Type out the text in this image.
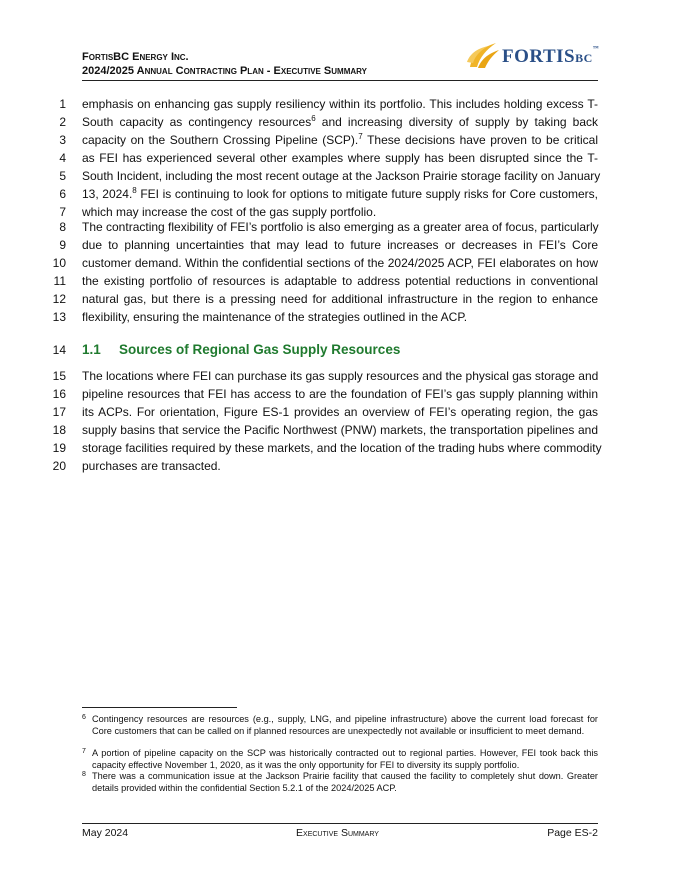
FortisBC Energy Inc.
2024/2025 Annual Contracting Plan - Executive Summary
FORTISBC™
1 emphasis on enhancing gas supply resiliency within its portfolio. This includes holding excess T-
2 South capacity as contingency resources$^6$ and increasing diversity of supply by taking back
3 capacity on the Southern Crossing Pipeline (SCP).$^7$ These decisions have proven to be critical
4 as FEI has experienced several other examples where supply has been disrupted since the T-
5 South Incident, including the most recent outage at the Jackson Prairie storage facility on January
6 13, 2024.$^8$ FEI is continuing to look for options to mitigate future supply risks for Core customers,
7 which may increase the cost of the gas supply portfolio.
8 The contracting flexibility of FEI’s portfolio is also emerging as a greater area of focus, particularly
9 due to planning uncertainties that may lead to future increases or decreases in FEI’s Core
10 customer demand. Within the confidential sections of the 2024/2025 ACP, FEI elaborates on how
11 the existing portfolio of resources is adaptable to address potential reductions in conventional
12 natural gas, but there is a pressing need for additional infrastructure in the region to enhance
13 flexibility, ensuring the maintenance of the strategies outlined in the ACP.
15 The locations where FEI can purchase its gas supply resources and the physical gas storage and
16 pipeline resources that FEI has access to are the foundation of FEI’s gas supply planning within
17 its ACPs. For orientation, Figure ES-1 provides an overview of FEI’s operating region, the gas
18 supply basins that service the Pacific Northwest (PNW) markets, the transportation pipelines and
19 storage facilities required by these markets, and the location of the trading hubs where commodity
20 purchases are transacted.
14 1.1 Sources of Regional Gas Supply Resources
6 Contingency resources are resources (e.g., supply, LNG, and pipeline infrastructure) above the current load forecast for Core customers that can be called on if planned resources are unexpectedly not available or insufficient to meet demand.
7 A portion of pipeline capacity on the SCP was historically contracted out to regional parties. However, FEI took back this capacity effective November 1, 2020, as it was the only opportunity for FEI to diversity its supply portfolio.
8 There was a communication issue at the Jackson Prairie facility that caused the facility to completely shut down. Greater details provided within the confidential Section 5.2.1 of the 2024/2025 ACP.
May 2024	Executive Summary	Page ES-2
